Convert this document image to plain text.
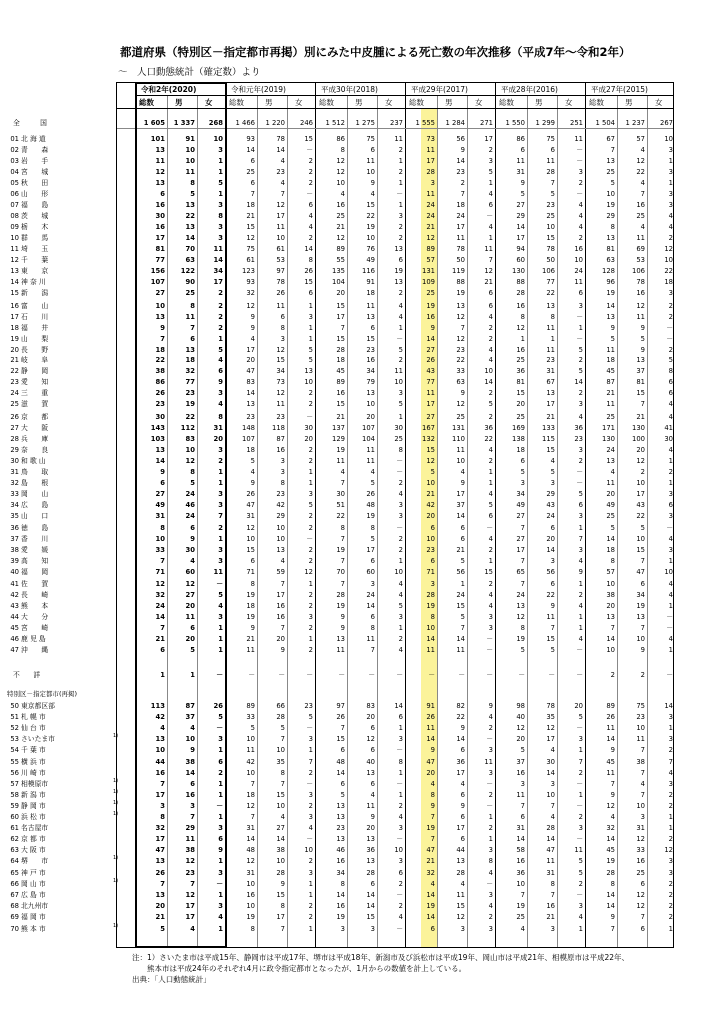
都道府県（特別区－指定都市再掲）別にみた中皮腫による死亡数の年次推移（平成7年～令和2年）
～　人口動態統計（確定数）より
令和2年(2020)
総数	男	女
令和元年(2019)
総数	男	女
平成30年(2018)
総数	男	女
平成29年(2017)
総数	男	女
平成28年(2016)
総数	男	女
平成27年(2015)
総数	男	女
特別区－指定都市(再掲)
全　　　国	1 605	1 337	268	1 466	1 220	246	1 512	1 275	237	1 555	1 284	271	1 550	1 299	251	1 504	1 237	267
01 北 海 道	101	91	10	93	78	15	86	75	11	73	56	17	86	75	11	67	57	10
02 青　　森	13	10	3	14	14	－	8	6	2	11	9	2	6	6	－	7	4	3
03 岩　　手	11	10	1	6	4	2	12	11	1	17	14	3	11	11	－	13	12	1
04 宮　　城	12	11	1	25	23	2	12	10	2	28	23	5	31	28	3	25	22	3
05 秋　　田	13	8	5	6	4	2	10	9	1	3	2	1	9	7	2	5	4	1
06 山　　形	6	5	1	7	7	－	4	4	－	11	7	4	5	5	－	10	7	3
07 福　　島	16	13	3	18	12	6	16	15	1	24	18	6	27	23	4	19	16	3
08 茨　　城	30	22	8	21	17	4	25	22	3	24	24	－	29	25	4	29	25	4
09 栃　　木	16	13	3	15	11	4	21	19	2	21	17	4	14	10	4	8	4	4
10 群　　馬	17	14	3	12	10	2	12	10	2	12	11	1	17	15	2	13	11	2
11 埼　　玉	81	70	11	75	61	14	89	76	13	89	78	11	94	78	16	81	69	12
12 千　　葉	77	63	14	61	53	8	55	49	6	57	50	7	60	50	10	63	53	10
13 東　　京	156	122	34	123	97	26	135	116	19	131	119	12	130	106	24	128	106	22
14 神 奈 川	107	90	17	93	78	15	104	91	13	109	88	21	88	77	11	96	78	18
15 新　　潟	27	25	2	32	26	6	20	18	2	25	19	6	28	22	6	19	16	3
16 富　　山	10	8	2	12	11	1	15	11	4	19	13	6	16	13	3	14	12	2
17 石　　川	13	11	2	9	6	3	17	13	4	16	12	4	8	8	－	13	11	2
18 福　　井	9	7	2	9	8	1	7	6	1	9	7	2	12	11	1	9	9	－
19 山　　梨	7	6	1	4	3	1	15	15	－	14	12	2	1	1	－	5	5	－
20 長　　野	18	13	5	17	12	5	28	23	5	27	23	4	16	11	5	11	9	2
21 岐　　阜	22	18	4	20	15	5	18	16	2	26	22	4	25	23	2	18	13	5
22 静　　岡	38	32	6	47	34	13	45	34	11	43	33	10	36	31	5	45	37	8
23 愛　　知	86	77	9	83	73	10	89	79	10	77	63	14	81	67	14	87	81	6
24 三　　重	26	23	3	14	12	2	16	13	3	11	9	2	15	13	2	21	15	6
25 滋　　賀	23	19	4	13	11	2	15	10	5	17	12	5	20	17	3	11	7	4
26 京　　都	30	22	8	23	23	－	21	20	1	27	25	2	25	21	4	25	21	4
27 大　　阪	143	112	31	148	118	30	137	107	30	167	131	36	169	133	36	171	130	41
28 兵　　庫	103	83	20	107	87	20	129	104	25	132	110	22	138	115	23	130	100	30
29 奈　　良	13	10	3	18	16	2	19	11	8	15	11	4	18	15	3	24	20	4
30 和 歌 山	14	12	2	5	3	2	11	11	－	12	10	2	6	4	2	13	12	1
31 鳥　　取	9	8	1	4	3	1	4	4	－	5	4	1	5	5	－	4	2	2
32 島　　根	6	5	1	9	8	1	7	5	2	10	9	1	3	3	－	11	10	1
33 岡　　山	27	24	3	26	23	3	30	26	4	21	17	4	34	29	5	20	17	3
34 広　　島	49	46	3	47	42	5	51	48	3	42	37	5	49	43	6	49	43	6
35 山　　口	31	24	7	31	29	2	22	19	3	20	14	6	27	24	3	25	22	3
36 徳　　島	8	6	2	12	10	2	8	8	－	6	6	－	7	6	1	5	5	－
37 香　　川	10	9	1	10	10	－	7	5	2	10	6	4	27	20	7	14	10	4
38 愛　　媛	33	30	3	15	13	2	19	17	2	23	21	2	17	14	3	18	15	3
39 高　　知	7	4	3	6	4	2	7	6	1	6	5	1	7	3	4	8	7	1
40 福　　岡	71	60	11	71	59	12	70	60	10	71	56	15	65	56	9	57	47	10
41 佐　　賀	12	12	－	8	7	1	7	3	4	3	1	2	7	6	1	10	6	4
42 長　　崎	32	27	5	19	17	2	28	24	4	28	24	4	24	22	2	38	34	4
43 熊　　本	24	20	4	18	16	2	19	14	5	19	15	4	13	9	4	20	19	1
44 大　　分	14	11	3	19	16	3	9	6	3	8	5	3	12	11	1	13	13	－
45 宮　　崎	7	6	1	9	7	2	9	8	1	10	7	3	8	7	1	7	7	－
46 鹿 児 島	21	20	1	21	20	1	13	11	2	14	14	－	19	15	4	14	10	4
47 沖　　縄	6	5	1	11	9	2	11	7	4	11	11	－	5	5	－	10	9	1
不　　詳	1	1	－	－	－	－	－	－	－	－	－	－	－	－	－	2	2	－
50 東京都区部	113	87	26	89	66	23	97	83	14	91	82	9	98	78	20	89	75	14
51 札 幌 市	42	37	5	33	28	5	26	20	6	26	22	4	40	35	5	26	23	3
52 仙 台 市	4	4	－	5	5	－	7	6	1	11	9	2	12	12	－	11	10	1
53 さいたま市	1)	13	10	3	10	7	3	15	12	3	14	14	－	20	17	3	14	11	3
54 千 葉 市	10	9	1	11	10	1	6	6	－	9	6	3	5	4	1	9	7	2
55 横 浜 市	44	38	6	42	35	7	48	40	8	47	36	11	37	30	7	45	38	7
56 川 崎 市	16	14	2	10	8	2	14	13	1	20	17	3	16	14	2	11	7	4
57 相模原市	1)	7	6	1	7	7	－	6	6	－	4	4	－	3	3	－	7	4	3
58 新 潟 市	1)	17	16	1	18	15	3	5	4	1	8	6	2	11	10	1	9	7	2
59 静 岡 市	1)	3	3	－	12	10	2	13	11	2	9	9	－	7	7	－	12	10	2
60 浜 松 市	1)	8	7	1	7	4	3	13	9	4	7	6	1	6	4	2	4	3	1
61 名古屋市	32	29	3	31	27	4	23	20	3	19	17	2	31	28	3	32	31	1
62 京 都 市	17	11	6	14	14	－	13	13	－	7	6	1	14	14	－	14	12	2
63 大 阪 市	47	38	9	48	38	10	46	36	10	47	44	3	58	47	11	45	33	12
64 堺　　市	1)	13	12	1	12	10	2	16	13	3	21	13	8	16	11	5	19	16	3
65 神 戸 市	26	23	3	31	28	3	34	28	6	32	28	4	36	31	5	28	25	3
66 岡 山 市	1)	7	7	－	10	9	1	8	6	2	4	4	－	10	8	2	8	6	2
67 広 島 市	13	12	1	16	15	1	14	14	－	14	11	3	7	7	－	14	12	2
68 北九州市	20	17	3	10	8	2	16	14	2	19	15	4	19	16	3	14	12	2
69 福 岡 市	21	17	4	19	17	2	19	15	4	14	12	2	25	21	4	9	7	2
70 熊 本 市	1)	5	4	1	8	7	1	3	3	－	6	3	3	4	3	1	7	6	1
注：1）さいたま市は平成15年、静岡市は平成17年、堺市は平成18年、新潟市及び浜松市は平成19年、岡山市は平成21年、相模原市は平成22年、
　　熊本市は平成24年のそれぞれ4月に政令指定都市となったが、1月からの数値を計上している。
出典：「人口動態統計」
